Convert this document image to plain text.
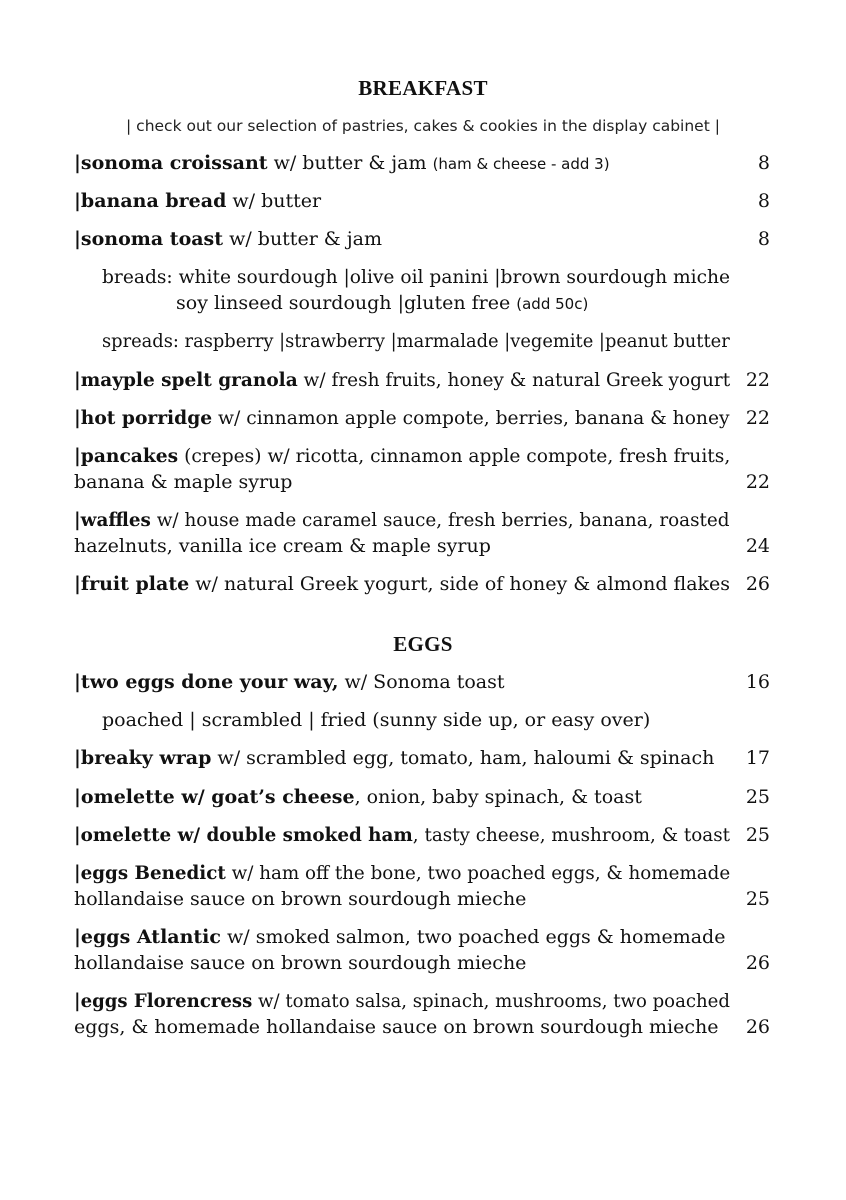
BREAKFAST
| check out our selection of pastries, cakes & cookies in the display cabinet |
|sonoma croissant w/ butter & jam (ham & cheese - add 3)	8
|banana bread w/ butter	8
|sonoma toast w/ butter & jam	8
breads: white sourdough |olive oil panini |brown sourdough miche
soy linseed sourdough |gluten free (add 50c)
spreads: raspberry |strawberry |marmalade |vegemite |peanut butter
|mayple spelt granola w/ fresh fruits, honey & natural Greek yogurt 22
|hot porridge w/ cinnamon apple compote, berries, banana & honey 22
|pancakes (crepes) w/ ricotta, cinnamon apple compote, fresh fruits,
banana & maple syrup	22
|waffles w/ house made caramel sauce, fresh berries, banana, roasted
hazelnuts, vanilla ice cream & maple syrup	24
|fruit plate w/ natural Greek yogurt, side of honey & almond flakes 26
EGGS
|two eggs done your way, w/ Sonoma toast	16
poached | scrambled | fried (sunny side up, or easy over)
|breaky wrap w/ scrambled egg, tomato, ham, haloumi & spinach	17
|omelette w/ goat’s cheese, onion, baby spinach, & toast	25
|omelette w/ double smoked ham, tasty cheese, mushroom, & toast 25
|eggs Benedict w/ ham off the bone, two poached eggs, & homemade
hollandaise sauce on brown sourdough mieche	25
|eggs Atlantic w/ smoked salmon, two poached eggs & homemade
hollandaise sauce on brown sourdough mieche	26
|eggs Florencress w/ tomato salsa, spinach, mushrooms, two poached
eggs, & homemade hollandaise sauce on brown sourdough mieche	26
